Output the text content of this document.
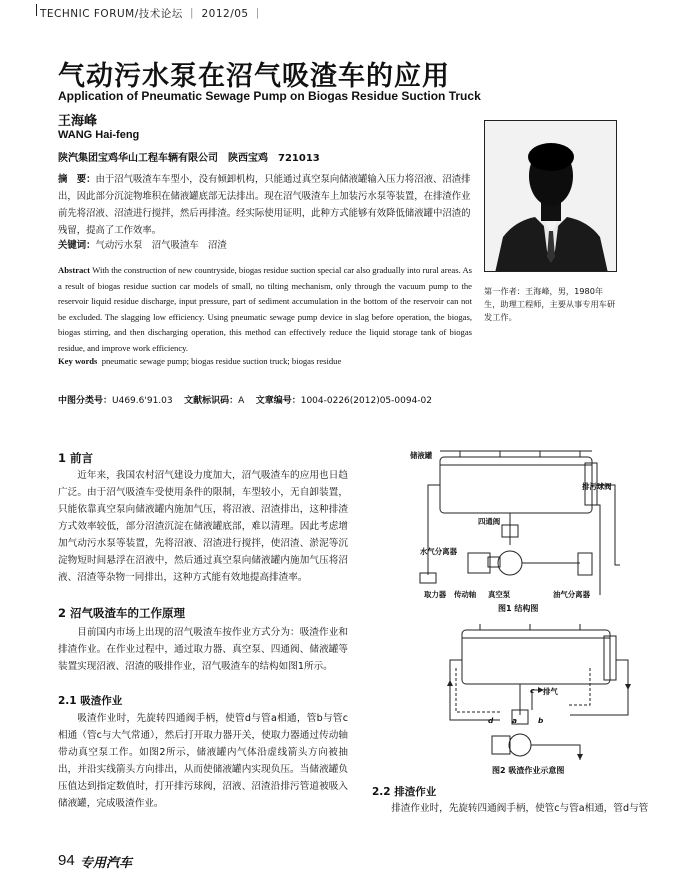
TECHNIC FORUM/技术论坛 ｜ 2012/05 ｜
气动污水泵在沼气吸渣车的应用
Application of Pneumatic Sewage Pump on Biogas Residue Suction Truck
王海峰
WANG Hai-feng
陕汽集团宝鸡华山工程车辆有限公司　陕西宝鸡　721013
摘　要：由于沼气吸渣车车型小，没有倾卸机构，只能通过真空泵向储液罐输入压力将沼液、沼渣排出，因此部分沉淀物堆积在储液罐底部无法排出。现在沼气吸渣车上加装污水泵等装置，在排渣作业前先将沼液、沼渣进行搅拌，然后再排渣。经实际使用证明，此种方式能够有效降低储液罐中沼渣的残留，提高了工作效率。
关键词：气动污水泵　沼气吸渣车　沼渣
Abstract With the construction of new countryside, biogas residue suction special car also gradually into rural areas. As a result of biogas residue suction car models of small, no tilting mechanism, only through the vacuum pump to the reservoir liquid residue discharge, input pressure, part of sediment accumulation in the bottom of the reservoir can not be excluded. The slagging low efficiency. Using pneumatic sewage pump device in slag before operation, the biogas, biogas stirring, and then discharging operation, this method can effectively reduce the liquid storage tank of biogas residue, and improve work efficiency.
Key words pneumatic sewage pump; biogas residue suction truck; biogas residue
中图分类号：U469.6'91.03 文献标识码：A 文章编号：1004-0226(2012)05-0094-02
第一作者：王海峰，男，1980年生，助理工程师，主要从事专用车研发工作。
1 前言
近年来，我国农村沼气建设力度加大，沼气吸渣车的应用也日趋广泛。由于沼气吸渣车受使用条件的限制，车型较小，无自卸装置，只能依靠真空泵向储液罐内施加气压，将沼液、沼渣排出，这种排渣方式效率较低，部分沼渣沉淀在储液罐底部，难以清理。因此考虑增加气动污水泵等装置，先将沼液、沼渣进行搅拌，使沼渣、淤泥等沉淀物短时间悬浮在沼液中，然后通过真空泵向储液罐内施加气压将沼液、沼渣等杂物一同排出，这种方式能有效地提高排渣率。
2 沼气吸渣车的工作原理
目前国内市场上出现的沼气吸渣车按作业方式分为：吸渣作业和排渣作业。在作业过程中，通过取力器、真空泵、四通阀、储液罐等装置实现沼液、沼渣的吸排作业，沼气吸渣车的结构如图1所示。
2.1 吸渣作业
吸渣作业时，先旋转四通阀手柄，使管d与管a相通，管b与管c相通（管c与大气常通），然后打开取力器开关，使取力器通过传动轴带动真空泵工作。如图2所示，储液罐内气体沿虚线箭头方向被抽出，并沿实线箭头方向排出，从而使储液罐内实现负压。当储液罐负压值达到指定数值时，打开排污球阀，沼液、沼渣沿排污管道被吸入储液罐，完成吸渣作业。
储液罐
排污球阀
四通阀
水气分离器
取力器 传动轴 真空泵	油气分离器
图1 结构图
排气
c
d	a	b
图2 吸渣作业示意图
2.2 排渣作业
排渣作业时，先旋转四通阀手柄，使管c与管a相通，管d与管
94 专用汽车
